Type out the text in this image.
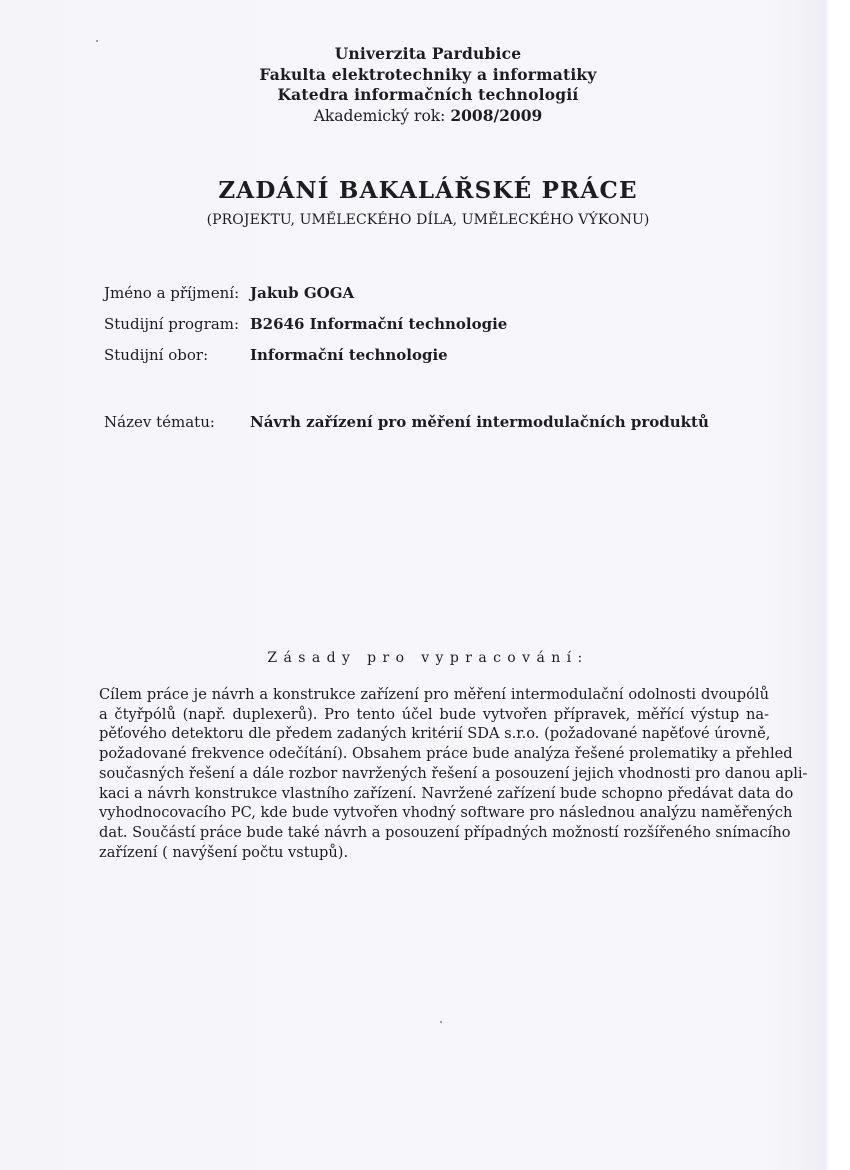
Univerzita Pardubice
Fakulta elektrotechniky a informatiky
Katedra informačních technologií
Akademický rok: 2008/2009
ZADÁNÍ BAKALÁŘSKÉ PRÁCE
(PROJEKTU, UMĚLECKÉHO DÍLA, UMĚLECKÉHO VÝKONU)
Jméno a příjmení: Jakub GOGA
Studijní program: B2646 Informační technologie
Studijní obor:	Informační technologie
Název tématu: Návrh zařízení pro měření intermodulačních produktů
Zásady pro vypracování:
Cílem práce je návrh a konstrukce zařízení pro měření intermodulační odolnosti dvoupólů
a čtyřpólů (např. duplexerů). Pro tento účel bude vytvořen přípravek, měřící výstup na-
pěťového detektoru dle předem zadaných kritérií SDA s.r.o. (požadované napěťové úrovně,
požadované frekvence odečítání). Obsahem práce bude analýza řešené prolematiky a přehled
současných řešení a dále rozbor navržených řešení a posouzení jejich vhodnosti pro danou apli-
kaci a návrh konstrukce vlastního zařízení. Navržené zařízení bude schopno předávat data do
vyhodnocovacího PC, kde bude vytvořen vhodný software pro následnou analýzu naměřených
dat. Součástí práce bude také návrh a posouzení případných možností rozšířeného snímacího
zařízení ( navýšení počtu vstupů).
